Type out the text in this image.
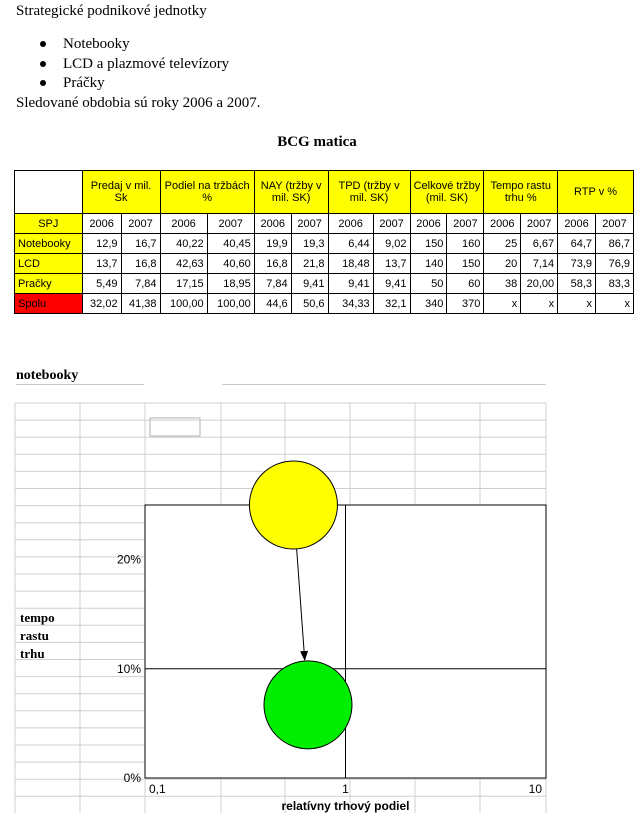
Strategické podnikové jednotky
Notebooky
LCD a plazmové televízory
Práčky
Sledované obdobia sú roky 2006 a 2007.
BCG matica
	Predaj v mil. Sk		Podiel na tržbách %		NAY (tržby v mil. SK)		TPD (tržby v mil. SK)		Celkové tržby (mil. SK)		Tempo rastu trhu %		RTP v %	
SPJ	2006	2007	2006	2007	2006	2007	2006	2007	2006	2007	2006	2007	2006	2007
Notebooky	12,9	16,7	40,22	40,45	19,9	19,3	6,44	9,02	150	160	25	6,67	64,7	86,7
LCD	13,7	16,8	42,63	40,60	16,8	21,8	18,48	13,7	140	150	20	7,14	73,9	76,9
Pračky	5,49	7,84	17,15	18,95	7,84	9,41	9,41	9,41	50	60	38	20,00	58,3	83,3
Spolu	32,02	41,38	100,00	100,00	44,6	50,6	34,33	32,1	340	370	x	x	x	x
notebooky
0%
10%
20%
0,1	1	10
tempo
rastu
trhu
relatívny trhový podiel
